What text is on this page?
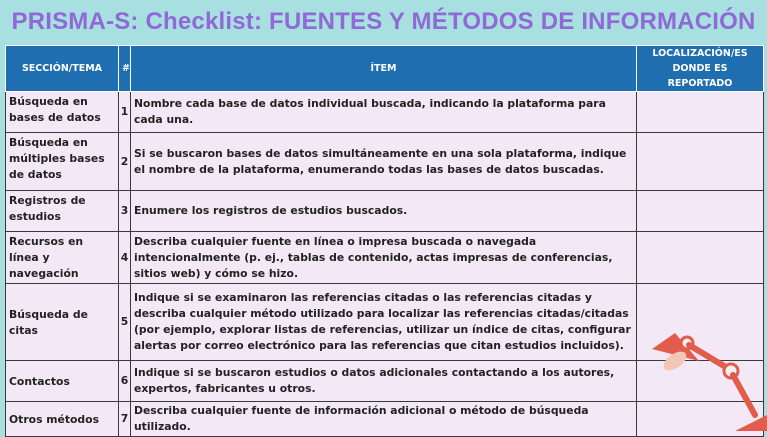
PRISMA-S: Checklist: FUENTES Y MÉTODOS DE INFORMACIÓN
SECCIÓN/TEMA	#	ÍTEM	LOCALIZACIÓN/ES DONDE ES REPORTADO
Búsqueda en bases de datos	1	Nombre cada base de datos individual buscada, indicando la plataforma para cada una.	
Búsqueda en múltiples bases de datos	2	Si se buscaron bases de datos simultáneamente en una sola plataforma, indique el nombre de la plataforma, enumerando todas las bases de datos buscadas.	
Registros de estudios	3	Enumere los registros de estudios buscados.	
Recursos en línea y navegación	4	Describa cualquier fuente en línea o impresa buscada o navegada intencionalmente (p. ej., tablas de contenido, actas impresas de conferencias, sitios web) y cómo se hizo.	
Búsqueda de citas	5	Indique si se examinaron las referencias citadas o las referencias citadas y describa cualquier método utilizado para localizar las referencias citadas/citadas (por ejemplo, explorar listas de referencias, utilizar un índice de citas, configurar alertas por correo electrónico para las referencias que citan estudios incluidos).	
Contactos	6	Indique si se buscaron estudios o datos adicionales contactando a los autores, expertos, fabricantes u otros.	
Otros métodos	7	Describa cualquier fuente de información adicional o método de búsqueda utilizado.	
